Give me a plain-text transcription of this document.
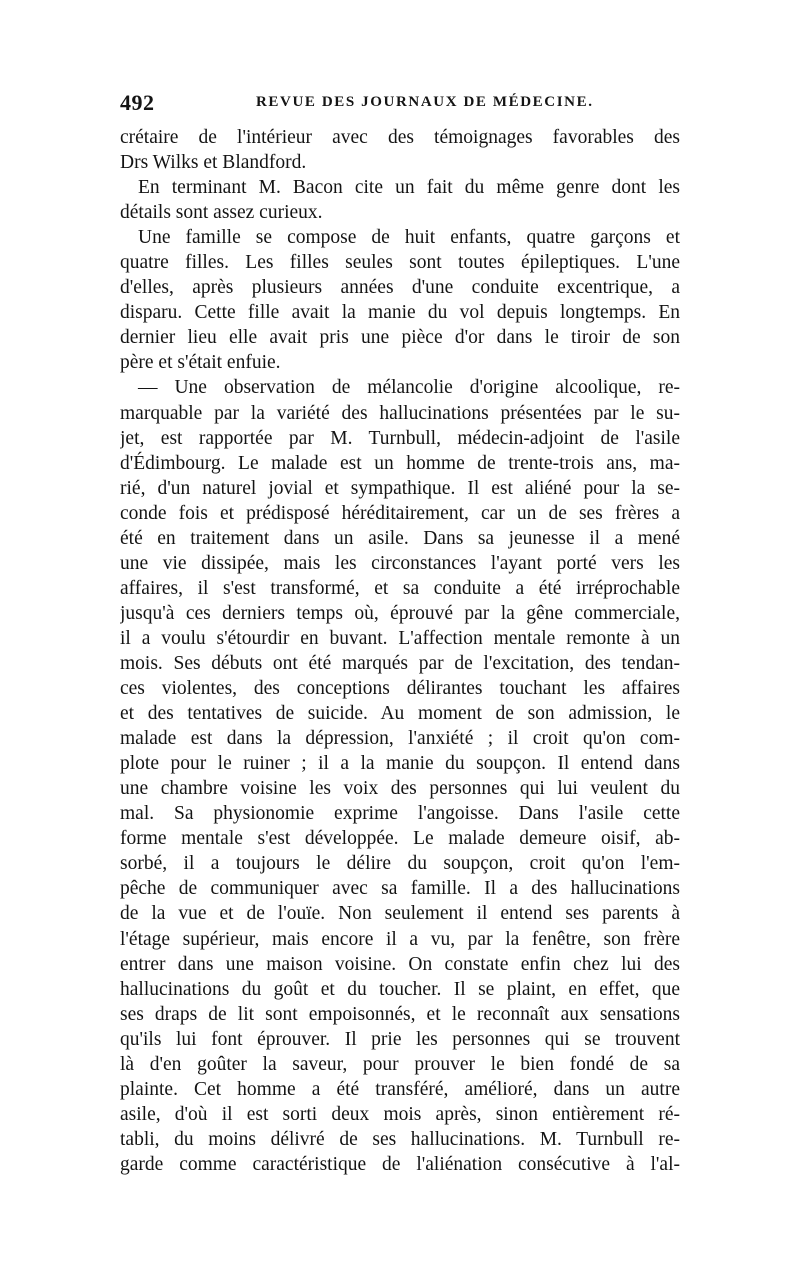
492	REVUE DES JOURNAUX DE MÉDECINE.
crétaire de l'intérieur avec des témoignages favorables des
Drs Wilks et Blandford.
En terminant M. Bacon cite un fait du même genre dont les
détails sont assez curieux.
Une famille se compose de huit enfants, quatre garçons et
quatre filles. Les filles seules sont toutes épileptiques. L'une
d'elles, après plusieurs années d'une conduite excentrique, a
disparu. Cette fille avait la manie du vol depuis longtemps. En
dernier lieu elle avait pris une pièce d'or dans le tiroir de son
père et s'était enfuie.
— Une observation de mélancolie d'origine alcoolique, re-
marquable par la variété des hallucinations présentées par le su-
jet, est rapportée par M. Turnbull, médecin-adjoint de l'asile
d'Édimbourg. Le malade est un homme de trente-trois ans, ma-
rié, d'un naturel jovial et sympathique. Il est aliéné pour la se-
conde fois et prédisposé héréditairement, car un de ses frères a
été en traitement dans un asile. Dans sa jeunesse il a mené
une vie dissipée, mais les circonstances l'ayant porté vers les
affaires, il s'est transformé, et sa conduite a été irréprochable
jusqu'à ces derniers temps où, éprouvé par la gêne commerciale,
il a voulu s'étourdir en buvant. L'affection mentale remonte à un
mois. Ses débuts ont été marqués par de l'excitation, des tendan-
ces violentes, des conceptions délirantes touchant les affaires
et des tentatives de suicide. Au moment de son admission, le
malade est dans la dépression, l'anxiété ; il croit qu'on com-
plote pour le ruiner ; il a la manie du soupçon. Il entend dans
une chambre voisine les voix des personnes qui lui veulent du
mal. Sa physionomie exprime l'angoisse. Dans l'asile cette
forme mentale s'est développée. Le malade demeure oisif, ab-
sorbé, il a toujours le délire du soupçon, croit qu'on l'em-
pêche de communiquer avec sa famille. Il a des hallucinations
de la vue et de l'ouïe. Non seulement il entend ses parents à
l'étage supérieur, mais encore il a vu, par la fenêtre, son frère
entrer dans une maison voisine. On constate enfin chez lui des
hallucinations du goût et du toucher. Il se plaint, en effet, que
ses draps de lit sont empoisonnés, et le reconnaît aux sensations
qu'ils lui font éprouver. Il prie les personnes qui se trouvent
là d'en goûter la saveur, pour prouver le bien fondé de sa
plainte. Cet homme a été transféré, amélioré, dans un autre
asile, d'où il est sorti deux mois après, sinon entièrement ré-
tabli, du moins délivré de ses hallucinations. M. Turnbull re-
garde comme caractéristique de l'aliénation consécutive à l'al-
